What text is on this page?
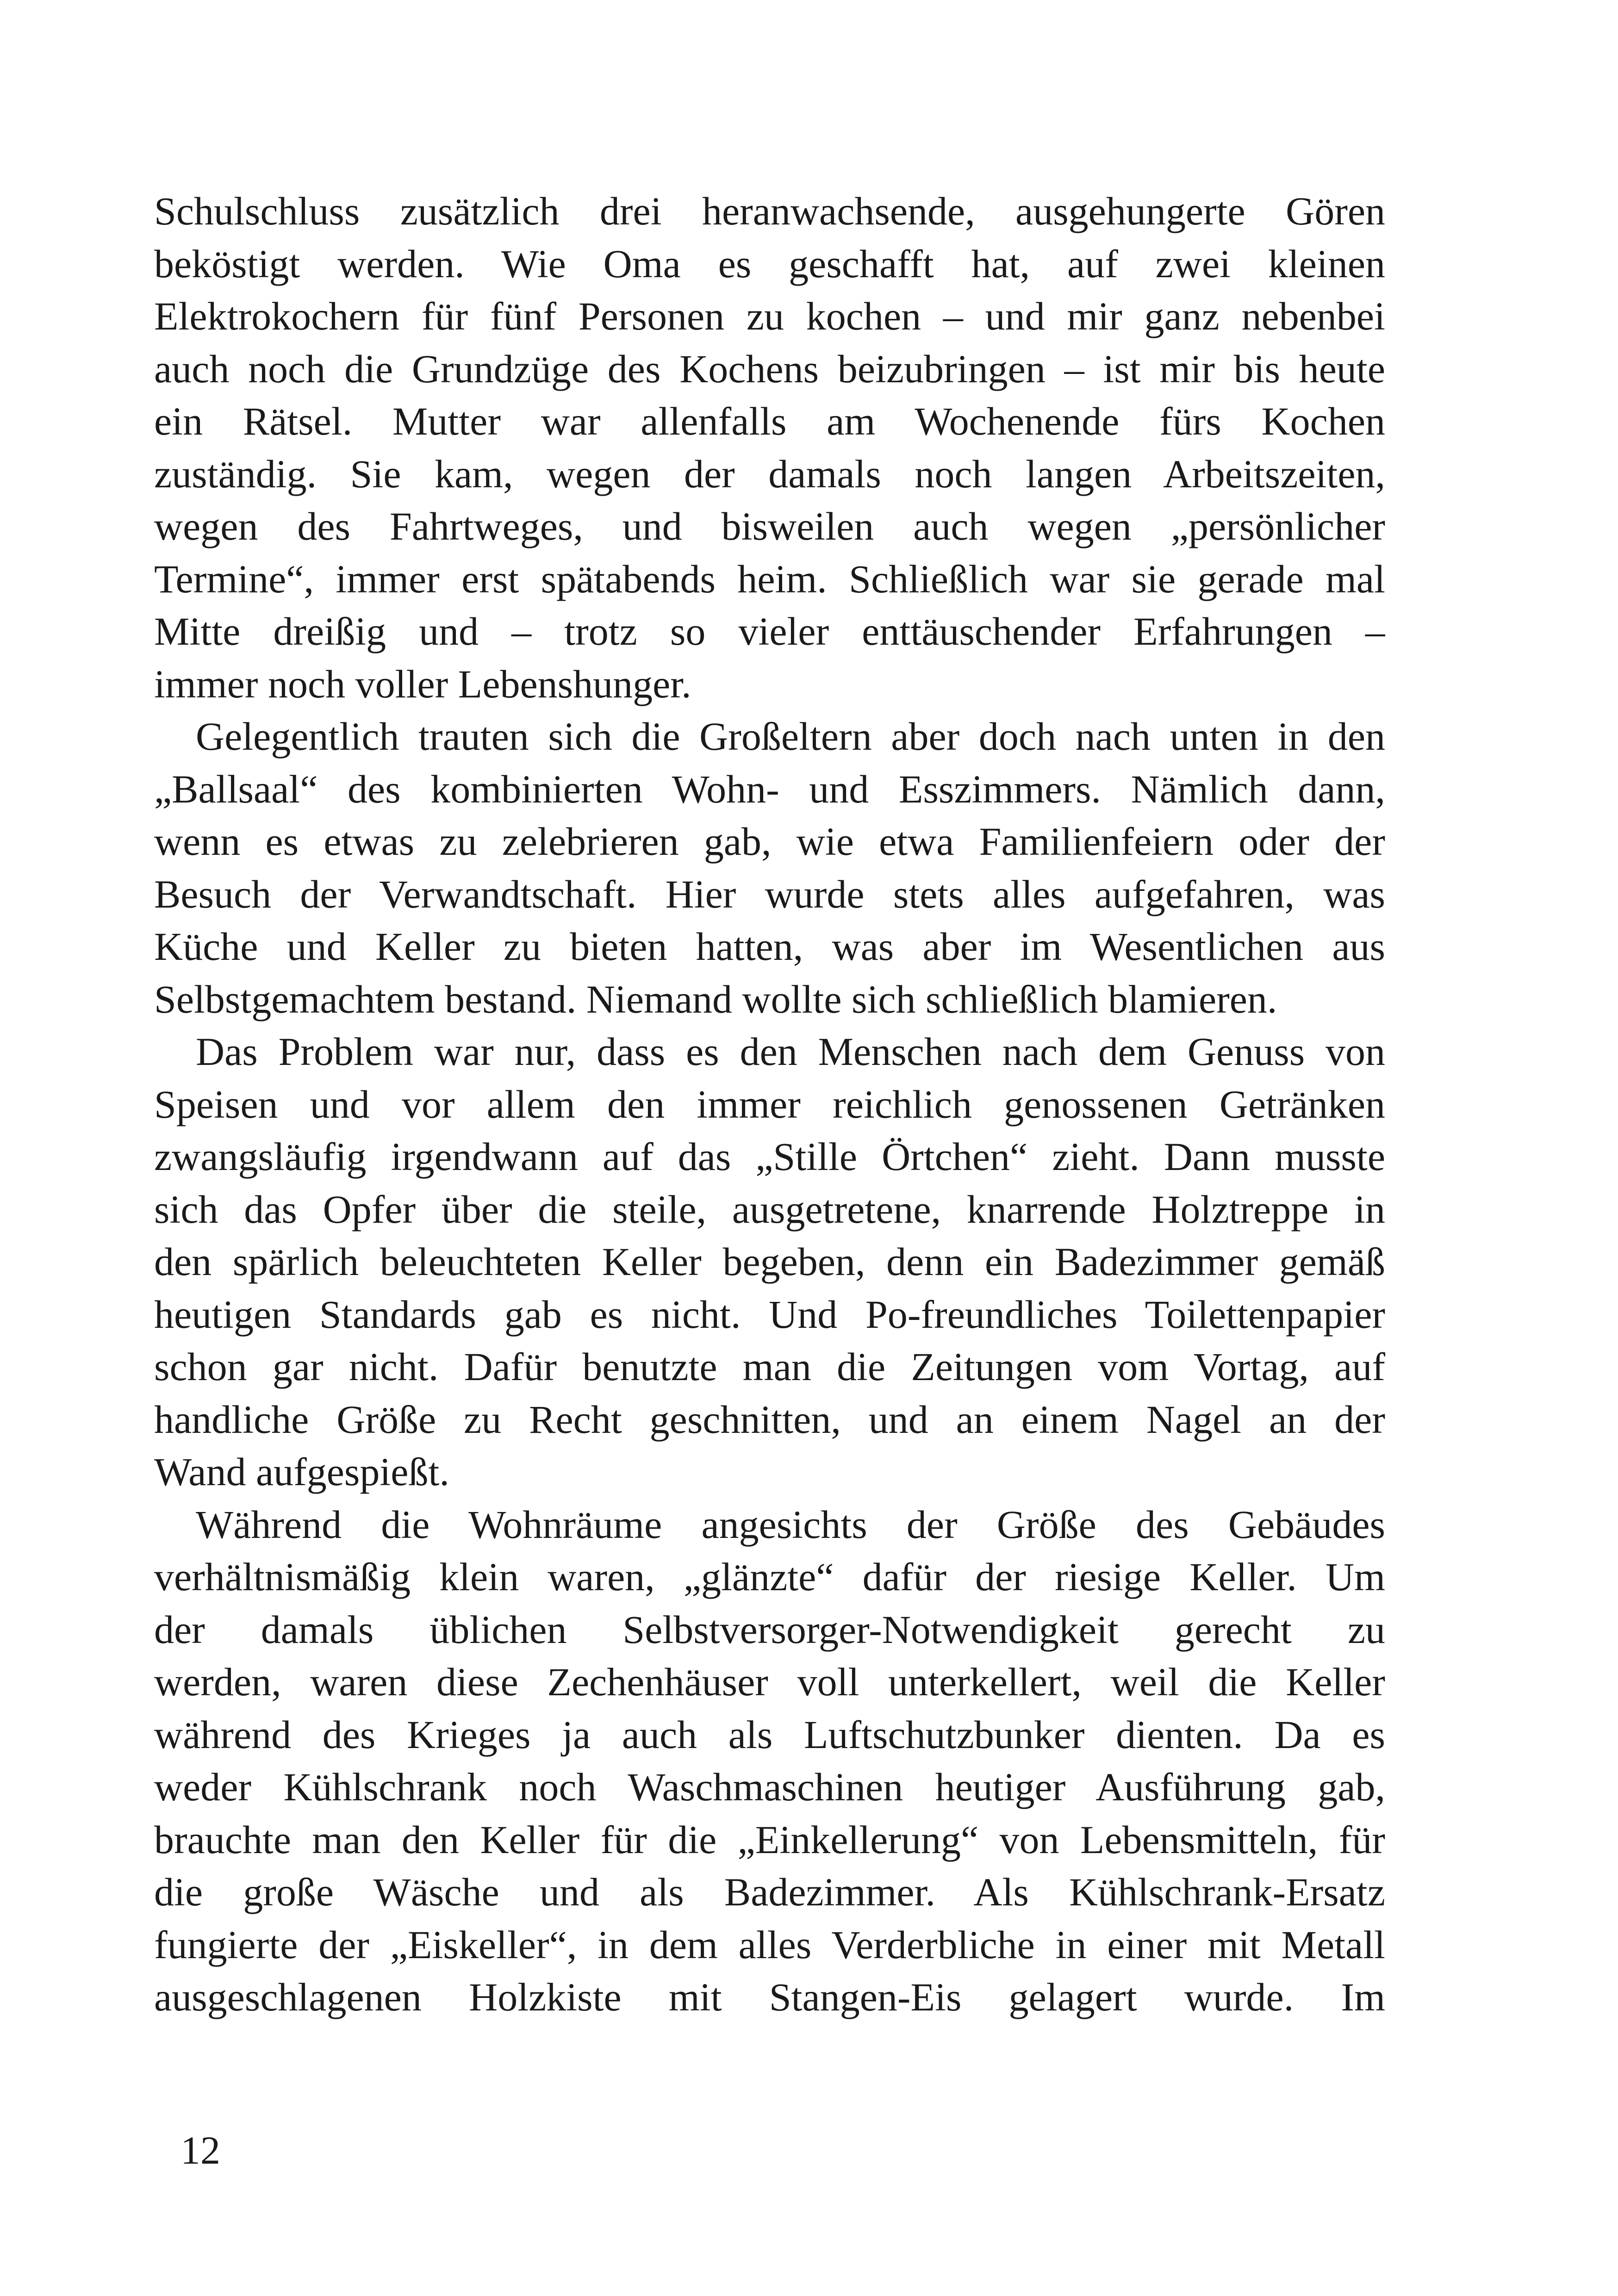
Schulschluss zusätzlich drei heranwachsende, ausgehungerte Gören
beköstigt werden. Wie Oma es geschafft hat, auf zwei kleinen
Elektrokochern für fünf Personen zu kochen – und mir ganz nebenbei
auch noch die Grundzüge des Kochens beizubringen – ist mir bis heute
ein Rätsel. Mutter war allenfalls am Wochenende fürs Kochen
zuständig. Sie kam, wegen der damals noch langen Arbeitszeiten,
wegen des Fahrtweges, und bisweilen auch wegen „persönlicher
Termine“, immer erst spätabends heim. Schließlich war sie gerade mal
Mitte dreißig und – trotz so vieler enttäuschender Erfahrungen –
immer noch voller Lebenshunger.
Gelegentlich trauten sich die Großeltern aber doch nach unten in den
„Ballsaal“ des kombinierten Wohn- und Esszimmers. Nämlich dann,
wenn es etwas zu zelebrieren gab, wie etwa Familienfeiern oder der
Besuch der Verwandtschaft. Hier wurde stets alles aufgefahren, was
Küche und Keller zu bieten hatten, was aber im Wesentlichen aus
Selbstgemachtem bestand. Niemand wollte sich schließlich blamieren.
Das Problem war nur, dass es den Menschen nach dem Genuss von
Speisen und vor allem den immer reichlich genossenen Getränken
zwangsläufig irgendwann auf das „Stille Örtchen“ zieht. Dann musste
sich das Opfer über die steile, ausgetretene, knarrende Holztreppe in
den spärlich beleuchteten Keller begeben, denn ein Badezimmer gemäß
heutigen Standards gab es nicht. Und Po-freundliches Toilettenpapier
schon gar nicht. Dafür benutzte man die Zeitungen vom Vortag, auf
handliche Größe zu Recht geschnitten, und an einem Nagel an der
Wand aufgespießt.
Während die Wohnräume angesichts der Größe des Gebäudes
verhältnismäßig klein waren, „glänzte“ dafür der riesige Keller. Um
der damals üblichen Selbstversorger-Notwendigkeit gerecht zu
werden, waren diese Zechenhäuser voll unterkellert, weil die Keller
während des Krieges ja auch als Luftschutzbunker dienten. Da es
weder Kühlschrank noch Waschmaschinen heutiger Ausführung gab,
brauchte man den Keller für die „Einkellerung“ von Lebensmitteln, für
die große Wäsche und als Badezimmer. Als Kühlschrank-Ersatz
fungierte der „Eiskeller“, in dem alles Verderbliche in einer mit Metall
ausgeschlagenen Holzkiste mit Stangen-Eis gelagert wurde. Im
12
